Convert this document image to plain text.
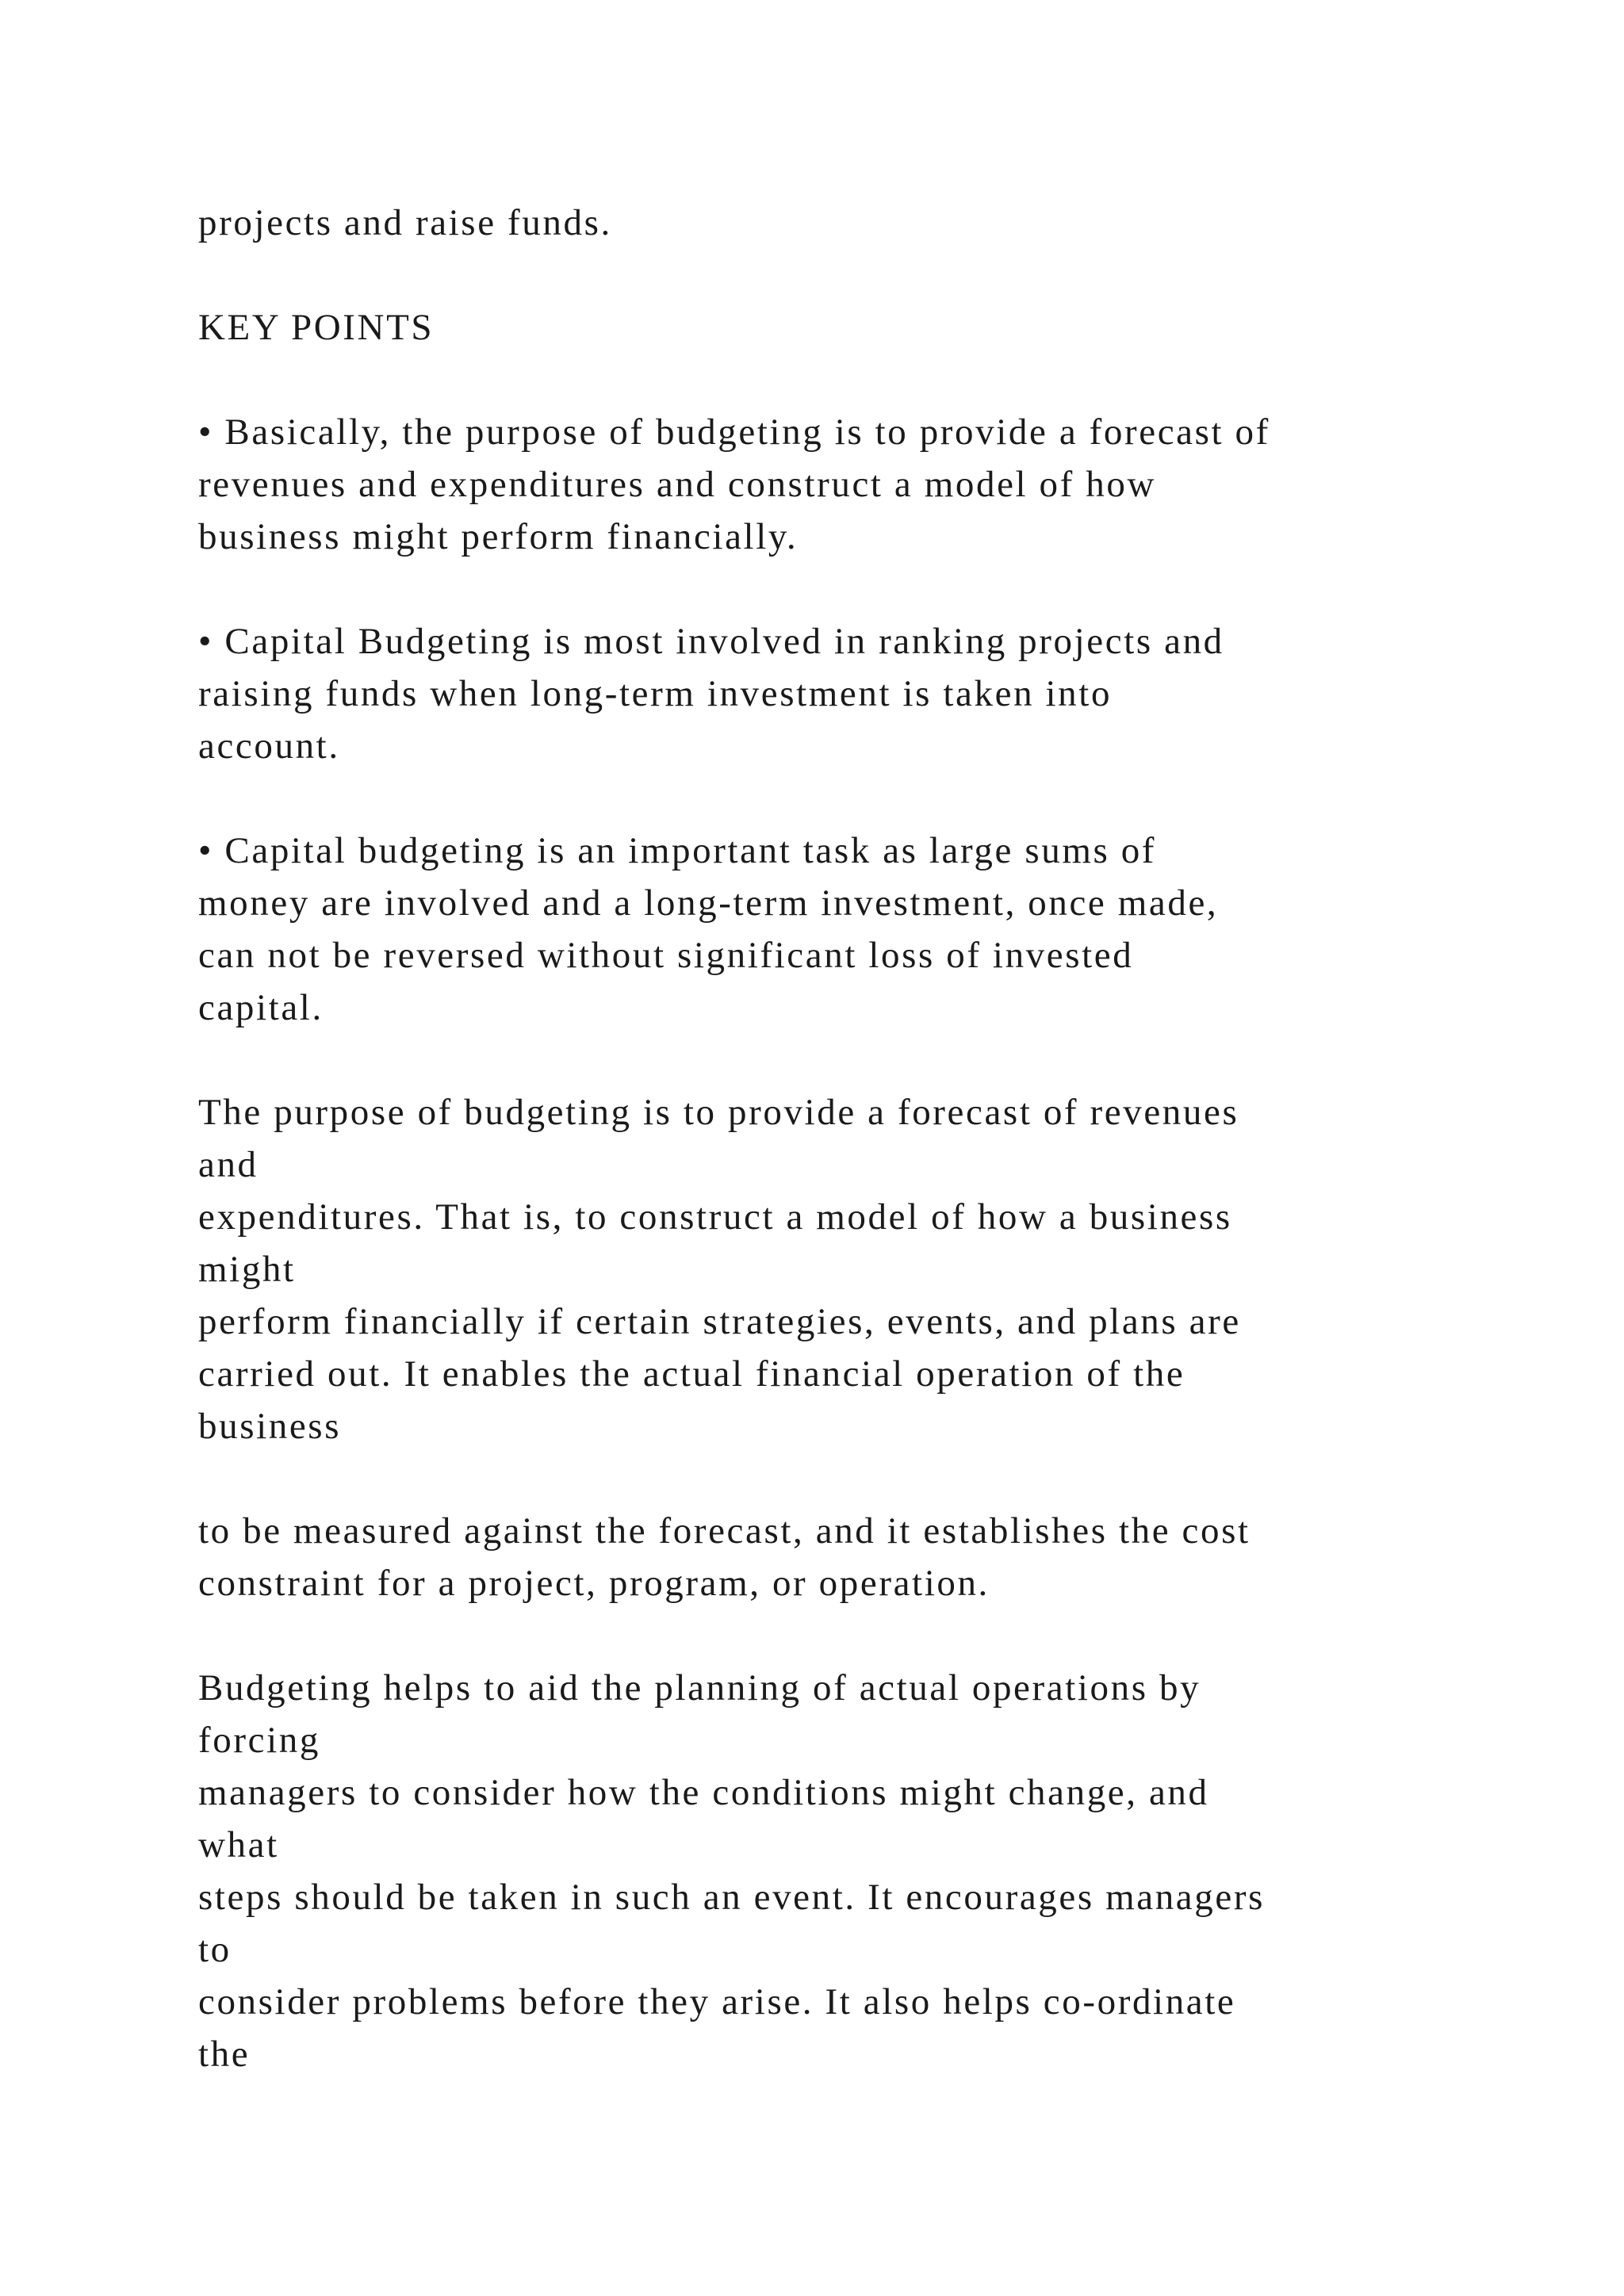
projects and raise funds.
KEY POINTS
• Basically, the purpose of budgeting is to provide a forecast of
revenues and expenditures and construct a model of how
business might perform financially.
• Capital Budgeting is most involved in ranking projects and
raising funds when long-term investment is taken into
account.
• Capital budgeting is an important task as large sums of
money are involved and a long-term investment, once made,
can not be reversed without significant loss of invested
capital.
The purpose of budgeting is to provide a forecast of revenues
and
expenditures. That is, to construct a model of how a business
might
perform financially if certain strategies, events, and plans are
carried out. It enables the actual financial operation of the
business
to be measured against the forecast, and it establishes the cost
constraint for a project, program, or operation.
Budgeting helps to aid the planning of actual operations by
forcing
managers to consider how the conditions might change, and
what
steps should be taken in such an event. It encourages managers
to
consider problems before they arise. It also helps co-ordinate
the
